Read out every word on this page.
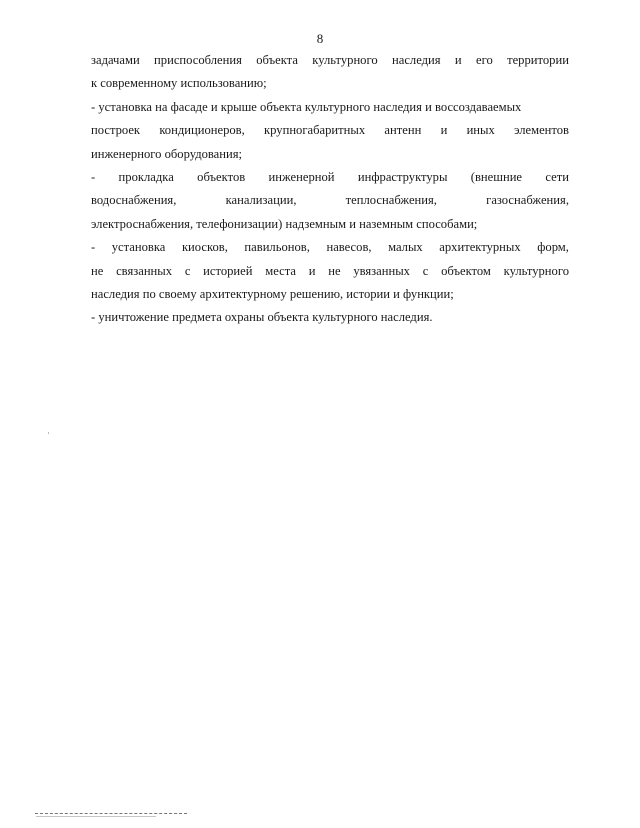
8
задачами приспособления объекта культурного наследия и его территории
к современному использованию;
- установка на фасаде и крыше объекта культурного наследия и воссоздаваемых
построек кондиционеров, крупногабаритных антенн и иных элементов
инженерного оборудования;
- прокладка объектов инженерной инфраструктуры (внешние сети
водоснабжения,	канализации,	теплоснабжения,	газоснабжения,
электроснабжения, телефонизации) надземным и наземным способами;
- установка киосков, павильонов, навесов, малых архитектурных форм,
не связанных с историей места и не увязанных с объектом культурного
наследия по своему архитектурному решению, истории и функции;
- уничтожение предмета охраны объекта культурного наследия.
